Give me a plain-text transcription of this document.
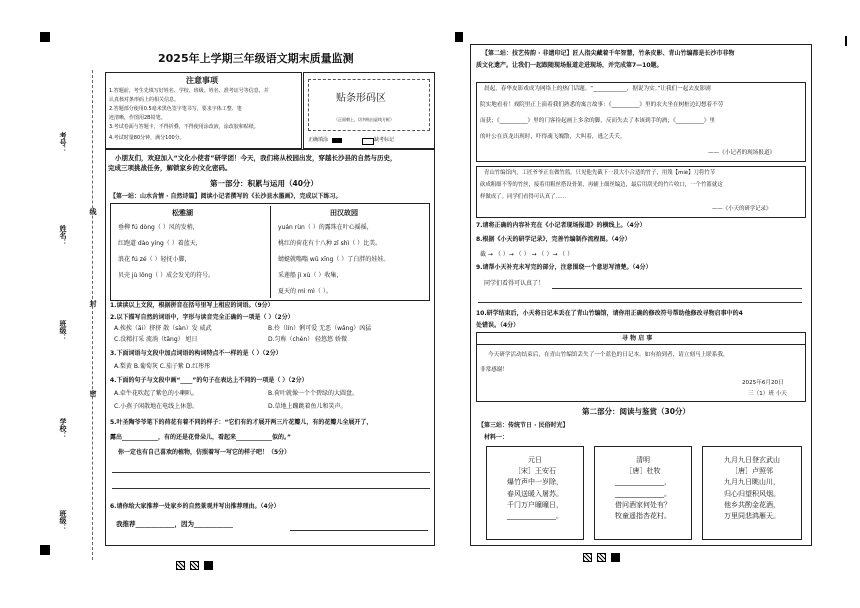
考号：
姓名：
班级：
学校：
班级：
线
封
密
2025年上学期三年级语文期末质量监测
注意事项
1.答题前，考生先填写好姓名、学校、班级、姓名、准考证号等信息，并
认真核对条形码上的相关信息。
2.答题部分使用0.5毫米黑色签字笔书写，要求字体工整、笔
迹清晰，作图用2B铅笔。
3.考试卷面与答题卡，不得折叠，不得使用涂改液，涂改胶和贴纸。
4.考试时量80分钟，满分100分。
贴条形码区
（正面朝上，切勿贴出虚线方框）
正确填涂	缺考标记
小朋友们，欢迎加入“文化小使者”研学团！今天，我们将从校园出发，穿越长沙县的自然与历史，
完成三项挑战任务，解锁家乡的文化密码。
第一部分：积累与运用（40分）
【第一站：山水含情 · 自然诗篇】阅读小记者撰写的《长沙县水墨画》，完成以下练习。
松雅湖	田汉故园
垂柳 fú dòng（ ）风的发梢，
红跑道 dào yíng（ ）着蓝天，
浪花 fú zé（ ）轻抚小脚，
贝壳 jù lǒng（ ）成会发光的符号。
yuán rùn（ ）的露珠在叶心摇摇，
桃红的荷花有十八种 zī shì（ ）比美。
蜻蜓就嗡嗡 wū xīng（ ）了白胖的娃娃。
采莲船 jì xù（ ）收集，
夏天的 mì mì（ ）。
1.读读以上文段，根据拼音在括号里写上相应的词语。（9分）
2.以下描写自然的词语中，字形与读音完全正确的一项是（ ）（2分）
A.挨挨（āi）挤挤 散（sàn）发 威武	B.伶（lín）俐可爱 无恶（wǎng）凶猛
C.没精打采 流淌（tǎng） 旭日	D.匀称（chèn） 轻悠悠 娇微
3.下面词语与文段中加点词语的构词特点不一样的是（ ）（2分）
A.梨黄 B.葡萄灰 C.茄子紫 D.红彤彤
4.下面的句子与文段中画“____”的句子在表达上不同的一项是（ ）（2分）
A.牵牛花吹起了紫色的小喇叭。	B.荷叶就像一个个碧绿的大圆盘。
C.小燕子闲散地在电线上休憩。	D.草地上蹦跳着鱼儿和笑声。
5.叶圣陶爷爷笔下的荷花有着不同的样子：“它们有的才展开两三片花瓣儿，有的花瓣儿全展开了，
露出____________，有的还是花骨朵儿，看起来____________似的。”
你一定也有自己喜欢的植物，仿照着写一写它的样子吧！（5分）
6.请你给大家推荐一处家乡的自然景观并写出推荐理由。（4分）
我推荐____________，因为____________
【第二站：技艺传韵 · 非遗印记】匠人指尖藏着千年智慧，竹条皮影、青山竹编都是长沙市非物
质文化遗产。让我们一起跟随现场报道走进现场，并完成第7—10题。
晨起，春华皮影戏成为网络上的热门话题。“____________，据说为实。”让我们一起去皮影剧
院实地看看！戏院里正上演着我们熟悉的寓言故事：《__________》里的农夫坐在树桩边幻想着不劳
而获；《__________》里的门客捡起画上多余的脚，反而失去了本该到手的酒；《__________》里
的叶公在真龙出现时，吓得魂飞魄散，大叫着，逃之夭夭。
——《小记者的现场报道》
青山竹编馆内，工匠爷爷正在做竹篮。只见他先截下一段大小合适的竹子，用篾【miè】刀将竹节
砍成粗细不等的竹丝，接着用粗丝搭设骨架，再辅上细丝编边，最后用刮光的竹片收口，一个竹篮就这
样做成了。同学们看得可认真了……
——《小天的研学记录》
7.请将正确的内容补充在《小记者现场报道》的横线上。（4分）
8.根据《小天的研学记录》，完善竹编制作流程图。（4分）
截 → （ ）→ （ ） → （ ）→ （ ）
9.请帮小天补充未写完的部分，注意围绕一个意思写清楚。（4分）
同学们看得可认真了！
10.研学结束后，小天将日记本丢在了青山竹编馆，请你用正确的修改符号帮助他修改寻物启事中的4
处错误。（4分）
寻 物 启 事
今天研学活动结束后，在青山竹编馆丢失了一个蓝色的日记本。如有拾到者，请立刻马上联系我，
非常感谢！
2025年6月20日
三（1）班 小天
第二部分：阅读与鉴赏（30分）
【第三站：传统节日 · 民俗时光】
材料一：
元日
［宋］王安石
爆竹声中一岁除，
春风送暖入屠苏。
千门万户曈曈日，
______________。
清明
［唐］杜牧
______________，
______________。
借问酒家何处有？
牧童遥指杏花村。
九月九日登玄武山
［唐］卢照邻
九月九日眺山川，
归心归望积风烟。
他乡共酌金花酒，
万里同悲鸿雁天。
